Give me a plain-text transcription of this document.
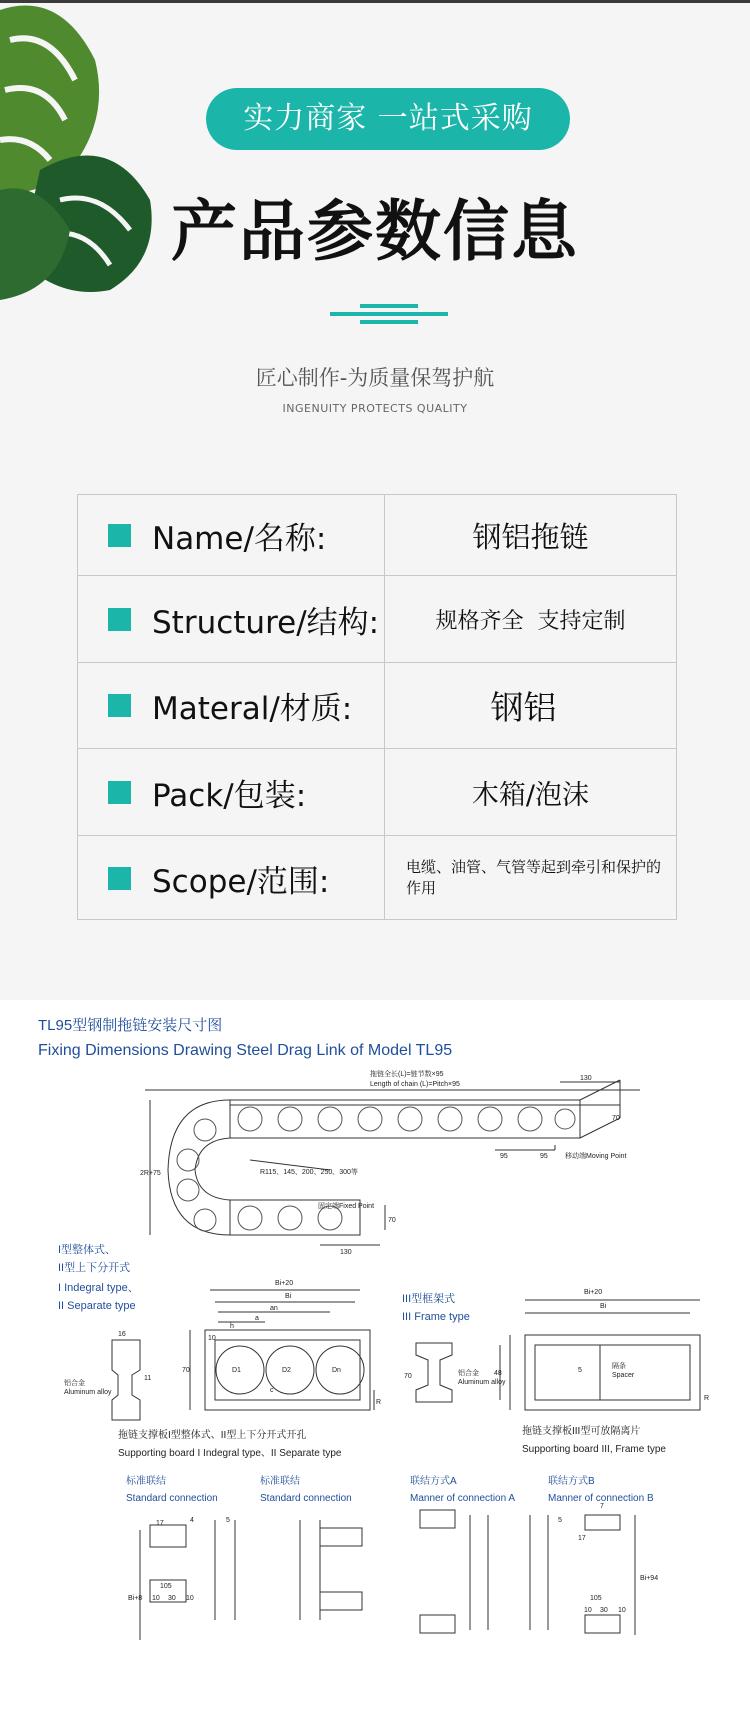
实力商家 一站式采购
产品参数信息
匠心制作-为质量保驾护航
INGENUITY PROTECTS QUALITY
Name/名称:	钢铝拖链

Structure/结构:	规格齐全  支持定制

Materal/材质:	钢铝

Pack/包装:	木箱/泡沫

Scope/范围:	电缆、油管、气管等起到牵引和保护的作用
TL95型钢制拖链安装尺寸图
Fixing Dimensions Drawing Steel Drag Link of Model TL95
拖链全长(L)=链节数×95
Length of chain (L)=Pitch×95
130
70
95	95 移动端Moving Point
R115、145、200、250、300等
固定端Fixed Point
70
130
2R+75
I型整体式、
II型上下分开式
I Indegral type、
II Separate type
III型框架式
III Frame type
16
11
铝合金
Aluminum alloy
70
10
Bi+20
Bi
an
a
h
D1	D2	Dn
c
R
70	铝合金
Aluminum alloy
48
Bi+20
Bi
5
隔条
Spacer
R
拖链支撑板I型整体式、II型上下分开式开孔
Supporting board I Indegral type、II Separate type
拖链支撑板III型可放隔离片
Supporting board III, Frame type
标准联结
Standard connection
标准联结
Standard connection
联结方式A
Manner of connection A
联结方式B
Manner of connection B
17	4	5
Bi+8
105
10 30 10
5
7
17
Bi+94
105
10 30 10
